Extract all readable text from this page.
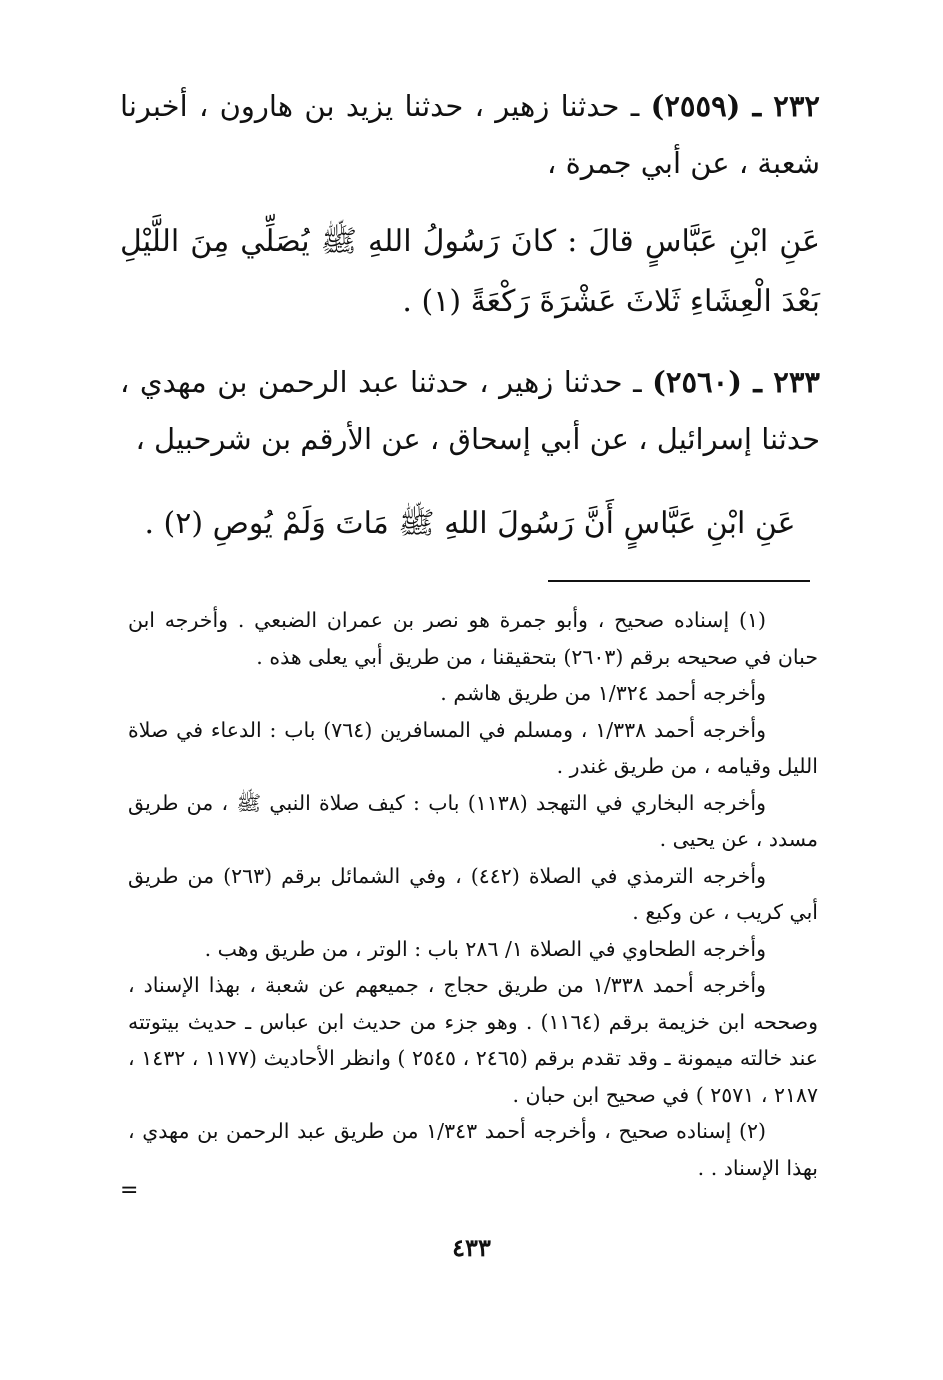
٢٣٢ ـ (٢٥٥٩) ـ حدثنا زهير ، حدثنا يزيد بن هارون ، أخبرنا شعبة ، عن أبي جمرة ،

عَنِ ابْنِ عَبَّاسٍ قالَ : كانَ رَسُولُ اللهِ ﷺ يُصَلِّي مِنَ اللَّيْلِ بَعْدَ الْعِشَاءِ ثَلاثَ عَشْرَةَ رَكْعَةً (١) .

٢٣٣ ـ (٢٥٦٠) ـ حدثنا زهير ، حدثنا عبد الرحمن بن مهدي ، حدثنا إسرائيل ، عن أبي إسحاق ، عن الأرقم بن شرحبيل ،

عَنِ ابْنِ عَبَّاسٍ أَنَّ رَسُولَ اللهِ ﷺ مَاتَ وَلَمْ يُوصِ (٢) .

(١) إسناده صحيح ، وأبو جمرة هو نصر بن عمران الضبعي . وأخرجه ابن حبان في صحيحه برقم (٢٦٠٣) بتحقيقنا ، من طريق أبي يعلى هذه .

وأخرجه أحمد ١/٣٢٤ من طريق هاشم .

وأخرجه أحمد ١/٣٣٨ ، ومسلم في المسافرين (٧٦٤) باب : الدعاء في صلاة الليل وقيامه ، من طريق غندر .

وأخرجه البخاري في التهجد (١١٣٨) باب : كيف صلاة النبي ﷺ ، من طريق مسدد ، عن يحيى .

وأخرجه الترمذي في الصلاة (٤٤٢) ، وفي الشمائل برقم (٢٦٣) من طريق أبي كريب ، عن وكيع .

وأخرجه الطحاوي في الصلاة ١/ ٢٨٦ باب : الوتر ، من طريق وهب .

وأخرجه أحمد ١/٣٣٨ من طريق حجاج ، جميعهم عن شعبة ، بهذا الإسناد ، وصححه ابن خزيمة برقم (١١٦٤) . وهو جزء من حديث ابن عباس ـ حديث بيتوتته عند خالته ميمونة ـ وقد تقدم برقم (٢٤٦٥ ، ٢٥٤٥ ) وانظر الأحاديث (١١٧٧ ، ١٤٣٢ ، ٢١٨٧ ، ٢٥٧١ ) في صحيح ابن حبان .

(٢) إسناده صحيح ، وأخرجه أحمد ١/٣٤٣ من طريق عبد الرحمن بن مهدي ، بهذا الإسناد . .

=
٤٣٣
